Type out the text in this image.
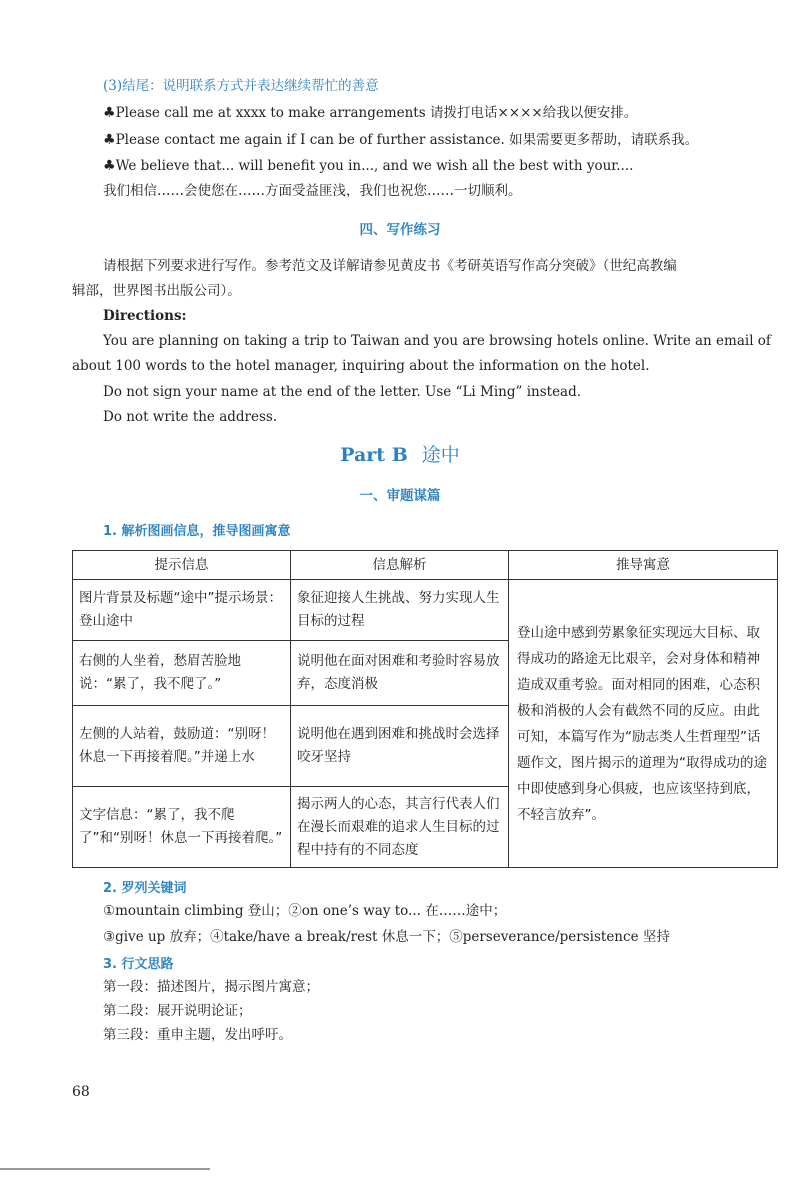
(3)结尾：说明联系方式并表达继续帮忙的善意
♣Please call me at xxxx to make arrangements 请拨打电话××××给我以便安排。
♣Please contact me again if I can be of further assistance. 如果需要更多帮助，请联系我。
♣We believe that... will benefit you in..., and we wish all the best with your....
我们相信……会使您在……方面受益匪浅，我们也祝您……一切顺利。
四、写作练习
请根据下列要求进行写作。参考范文及详解请参见黄皮书《考研英语写作高分突破》（世纪高教编
辑部，世界图书出版公司）。
Directions:
You are planning on taking a trip to Taiwan and you are browsing hotels online. Write an email of
about 100 words to the hotel manager, inquiring about the information on the hotel.
Do not sign your name at the end of the letter. Use “Li Ming” instead.
Do not write the address.
Part B 途中
一、审题谋篇
1. 解析图画信息，推导图画寓意
提示信息	信息解析	推导寓意
图片背景及标题“途中”提示场景：登山途中	象征迎接人生挑战、努力实现人生目标的过程	登山途中感到劳累象征实现远大目标、取得成功的路途无比艰辛，会对身体和精神造成双重考验。面对相同的困难，心态积极和消极的人会有截然不同的反应。由此可知，本篇写作为“励志类人生哲理型”话题作文，图片揭示的道理为“取得成功的途中即使感到身心俱疲，也应该坚持到底，不轻言放弃”。
右侧的人坐着，愁眉苦脸地说：“累了，我不爬了。”	说明他在面对困难和考验时容易放弃，态度消极	
左侧的人站着，鼓励道：“别呀！休息一下再接着爬。”并递上水	说明他在遇到困难和挑战时会选择咬牙坚持	
文字信息：“累了，我不爬了”和“别呀！休息一下再接着爬。”	揭示两人的心态，其言行代表人们在漫长而艰难的追求人生目标的过程中持有的不同态度	
2. 罗列关键词
①mountain climbing 登山；②on one’s way to... 在……途中；
③give up 放弃；④take/have a break/rest 休息一下；⑤perseverance/persistence 坚持
3. 行文思路
第一段：描述图片，揭示图片寓意；
第二段：展开说明论证；
第三段：重申主题，发出呼吁。
68
